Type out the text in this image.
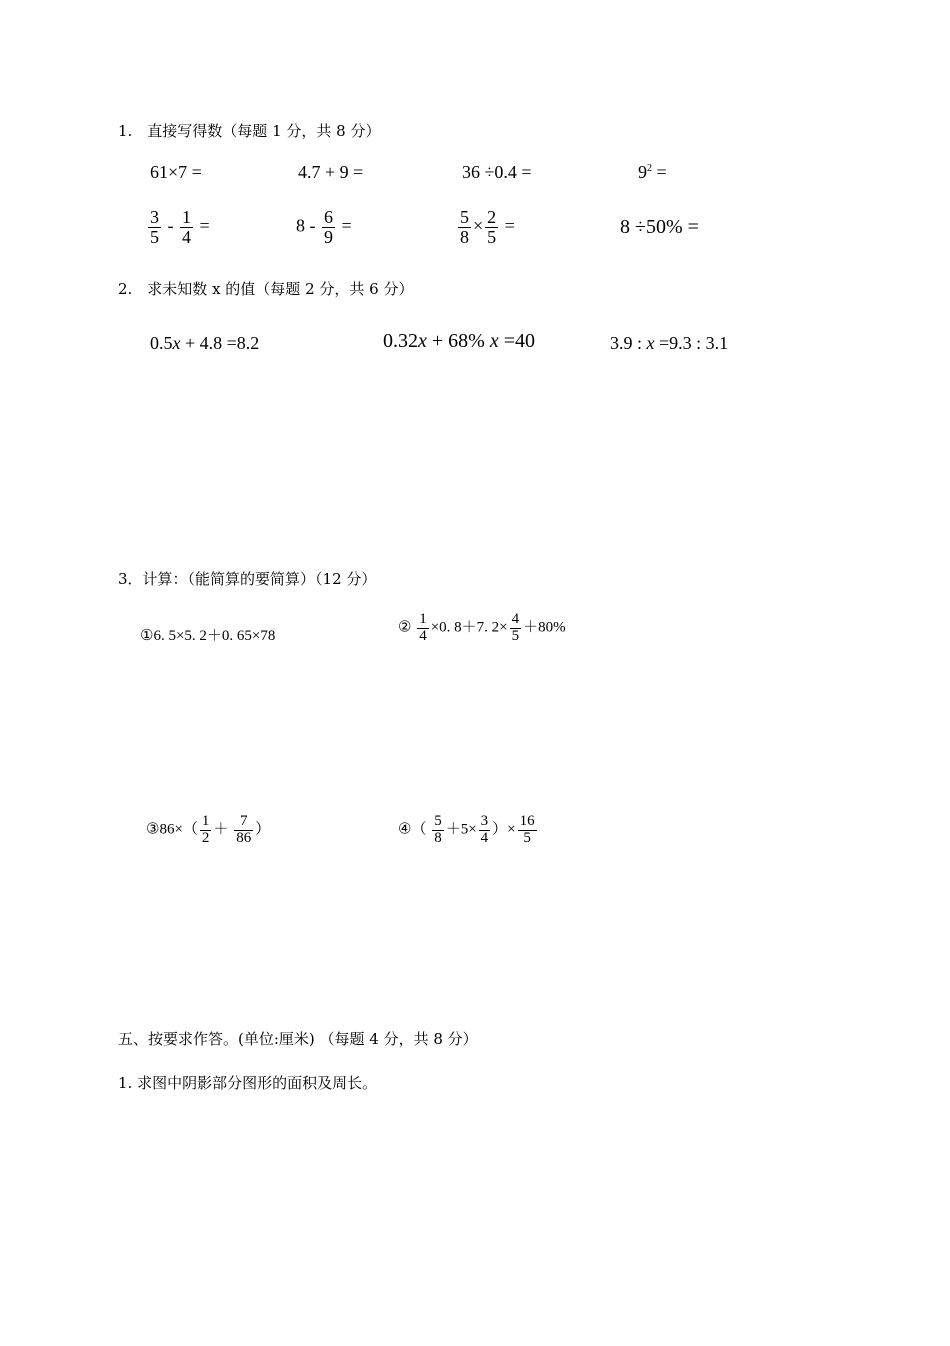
1.　直接写得数（每题 1 分，共 8 分）
61×7 =	4.7 + 9 =	36 ÷0.4 =	$9^2$ =
$\frac{3}{5} - \frac{1}{4}$ =	$8 - \frac{6}{9}$ =	$\frac{5}{8} \times \frac{2}{5}$ =	8 ÷50% =
2.　求未知数 x 的值（每题 2 分，共 6 分）
0.5x + 4.8 =8.2	0.32x + 68% x =40	3.9 : x =9.3 : 3.1
3．计算：（能简算的要简算）（12 分）
①6. 5×5. 2＋0. 65×78
② $\frac{1}{4} \times 0$. 8＋7. $2\times \frac{4}{5} +80\%$
③86×（ $\frac{1}{2} + \frac{7}{86}$ ）	④（ $\frac{5}{8} +5\times \frac{3}{4}$ ）× $\frac{16}{5}$
五、按要求作答。(单位:厘米) （每题 4 分，共 8 分）
1. 求图中阴影部分图形的面积及周长。
